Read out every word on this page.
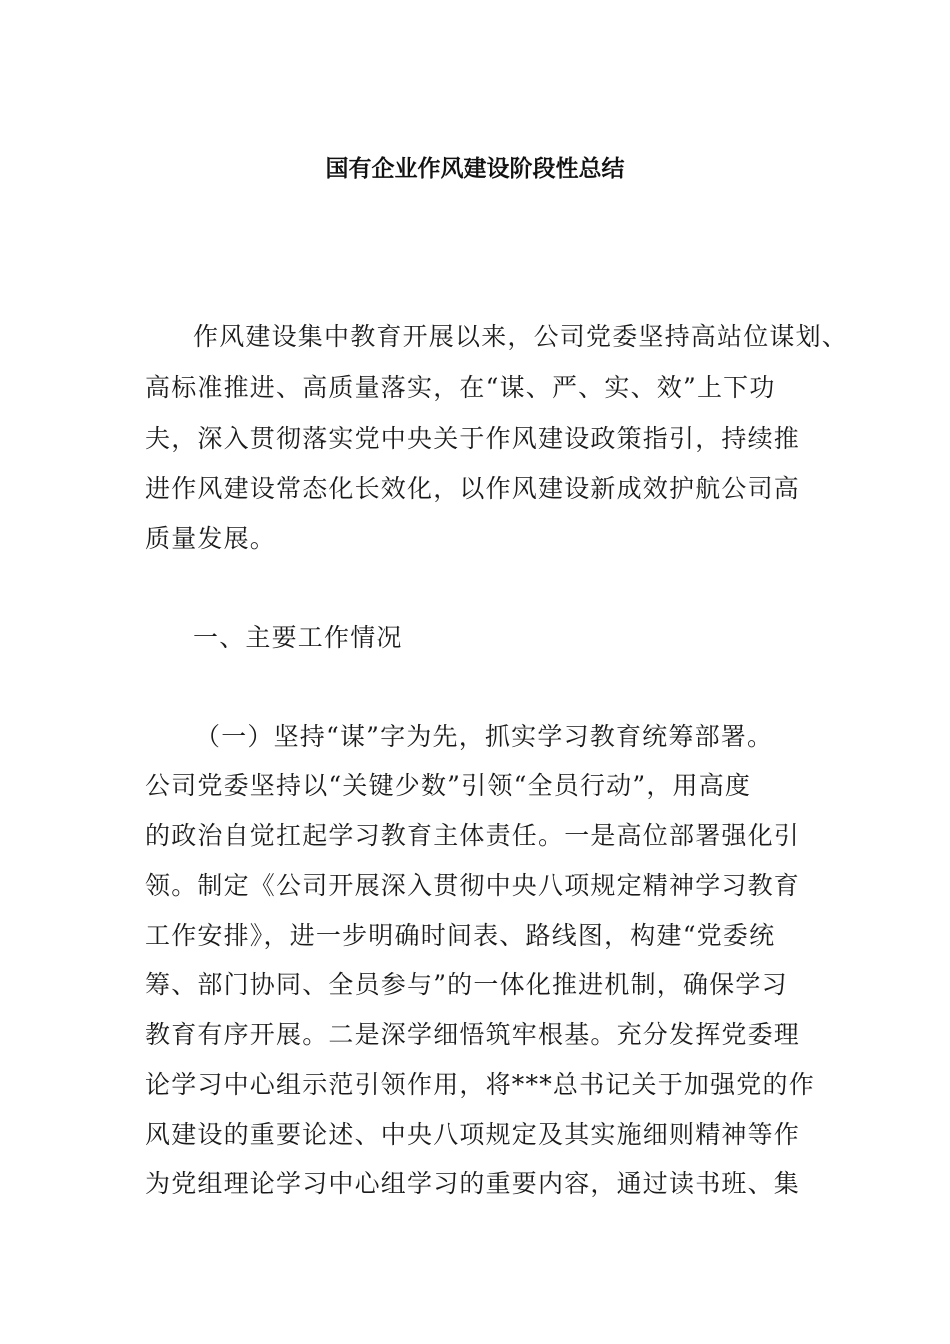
国有企业作风建设阶段性总结
作风建设集中教育开展以来，公司党委坚持高站位谋划、
高标准推进、高质量落实，在“谋、严、实、效”上下功
夫，深入贯彻落实党中央关于作风建设政策指引，持续推
进作风建设常态化长效化，以作风建设新成效护航公司高
质量发展。
一、主要工作情况
（一）坚持“谋”字为先，抓实学习教育统筹部署。
公司党委坚持以“关键少数”引领“全员行动”，用高度
的政治自觉扛起学习教育主体责任。一是高位部署强化引
领。制定《公司开展深入贯彻中央八项规定精神学习教育
工作安排》，进一步明确时间表、路线图，构建“党委统
筹、部门协同、全员参与”的一体化推进机制，确保学习
教育有序开展。二是深学细悟筑牢根基。充分发挥党委理
论学习中心组示范引领作用，将***总书记关于加强党的作
风建设的重要论述、中央八项规定及其实施细则精神等作
为党组理论学习中心组学习的重要内容，通过读书班、集
